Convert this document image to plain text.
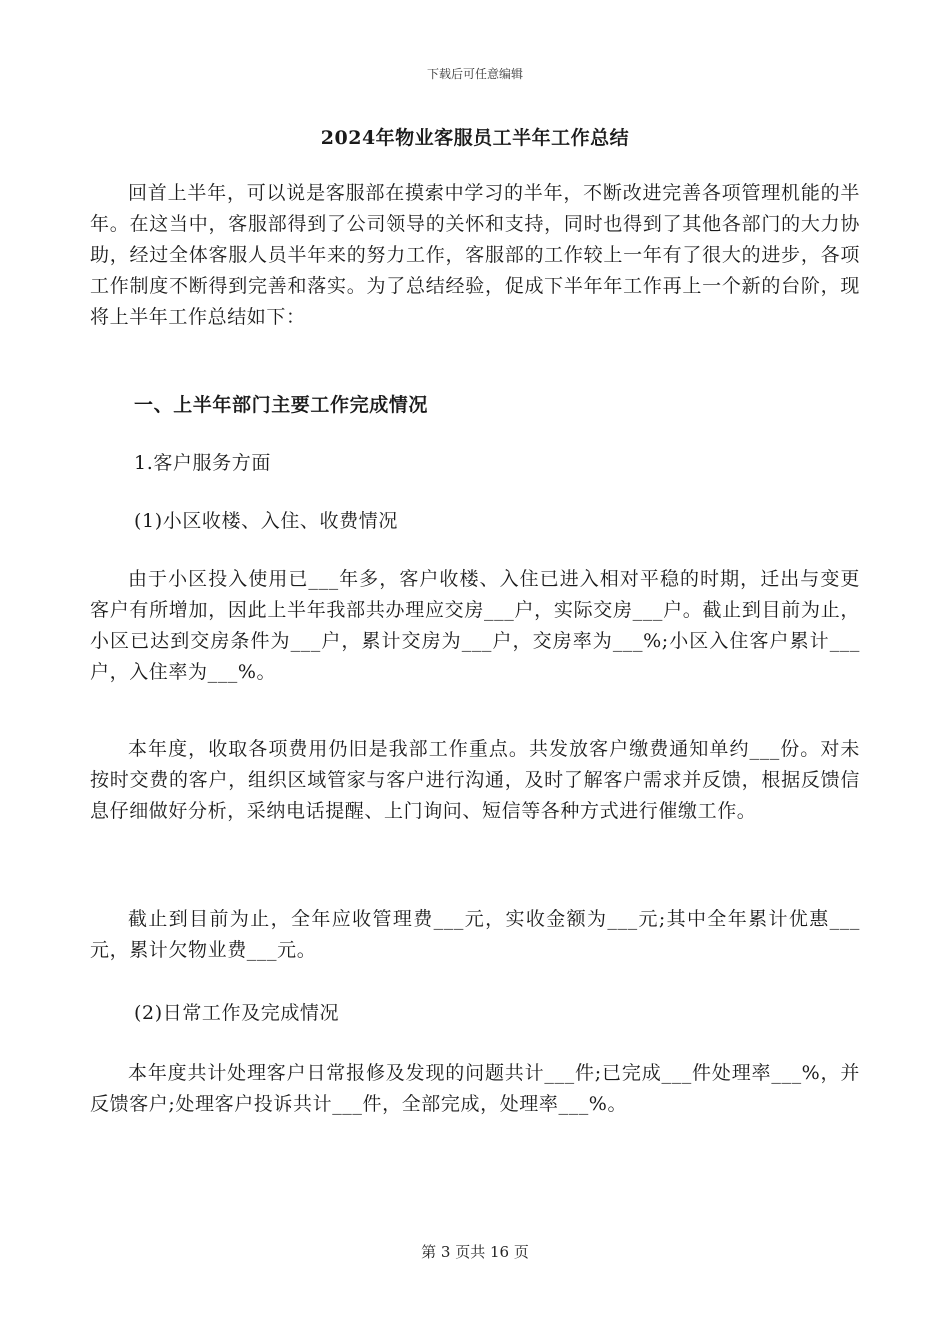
下载后可任意编辑
2024年物业客服员工半年工作总结

回首上半年，可以说是客服部在摸索中学习的半年，不断改进完善各项管理机能的半年。在这当中，客服部得到了公司领导的关怀和支持，同时也得到了其他各部门的大力协助，经过全体客服人员半年来的努力工作，客服部的工作较上一年有了很大的进步，各项工作制度不断得到完善和落实。为了总结经验，促成下半年年工作再上一个新的台阶，现将上半年工作总结如下：

一、上半年部门主要工作完成情况

1.客户服务方面

(1)小区收楼、入住、收费情况

由于小区投入使用已___年多，客户收楼、入住已进入相对平稳的时期，迁出与变更客户有所增加，因此上半年我部共办理应交房___户，实际交房___户。截止到目前为止，小区已达到交房条件为___户，累计交房为___户，交房率为___%;小区入住客户累计___户，入住率为___%。

本年度，收取各项费用仍旧是我部工作重点。共发放客户缴费通知单约___份。对未按时交费的客户，组织区域管家与客户进行沟通，及时了解客户需求并反馈，根据反馈信息仔细做好分析，采纳电话提醒、上门询问、短信等各种方式进行催缴工作。

截止到目前为止，全年应收管理费___元，实收金额为___元;其中全年累计优惠___元，累计欠物业费___元。

(2)日常工作及完成情况

本年度共计处理客户日常报修及发现的问题共计___件;已完成___件处理率___%，并反馈客户;处理客户投诉共计___件，全部完成，处理率___%。

第 3 页共 16 页
